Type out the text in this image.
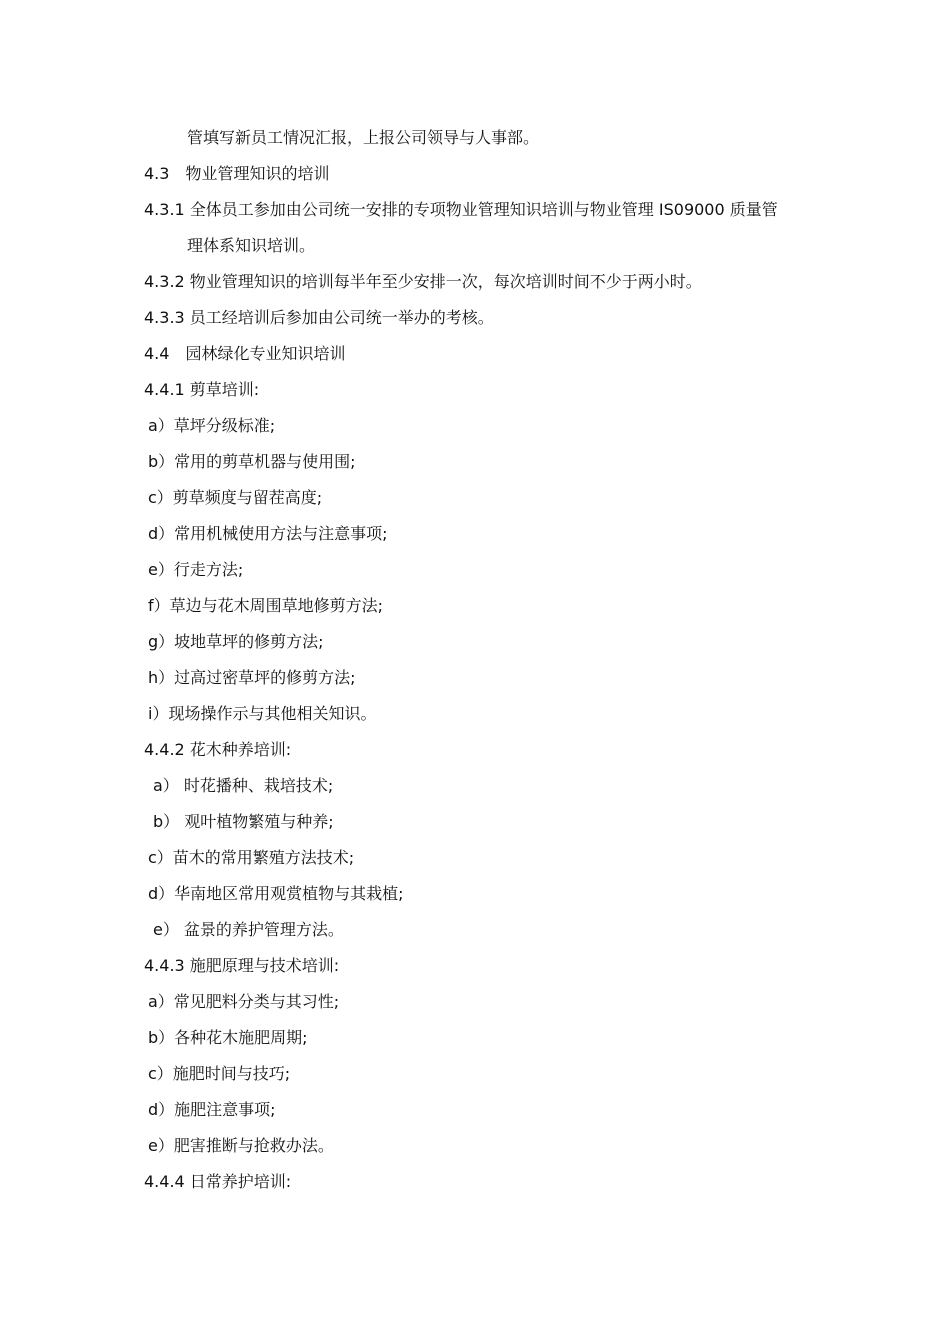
管填写新员工情况汇报，上报公司领导与人事部。
4.3　物业管理知识的培训
4.3.1 全体员工参加由公司统一安排的专项物业管理知识培训与物业管理 IS09000 质量管
理体系知识培训。
4.3.2 物业管理知识的培训每半年至少安排一次，每次培训时间不少于两小时。
4.3.3 员工经培训后参加由公司统一举办的考核。
4.4　园林绿化专业知识培训
4.4.1 剪草培训:
a）草坪分级标准;
b）常用的剪草机器与使用围;
c）剪草频度与留茬高度;
d）常用机械使用方法与注意事项;
e）行走方法;
f）草边与花木周围草地修剪方法;
g）坡地草坪的修剪方法;
h）过高过密草坪的修剪方法;
i）现场操作示与其他相关知识。
4.4.2 花木种养培训:
a） 时花播种、栽培技术;
b） 观叶植物繁殖与种养;
c）苗木的常用繁殖方法技术;
d）华南地区常用观赏植物与其栽植;
e） 盆景的养护管理方法。
4.4.3 施肥原理与技术培训:
a）常见肥料分类与其习性;
b）各种花木施肥周期;
c）施肥时间与技巧;
d）施肥注意事项;
e）肥害推断与抢救办法。
4.4.4 日常养护培训:
